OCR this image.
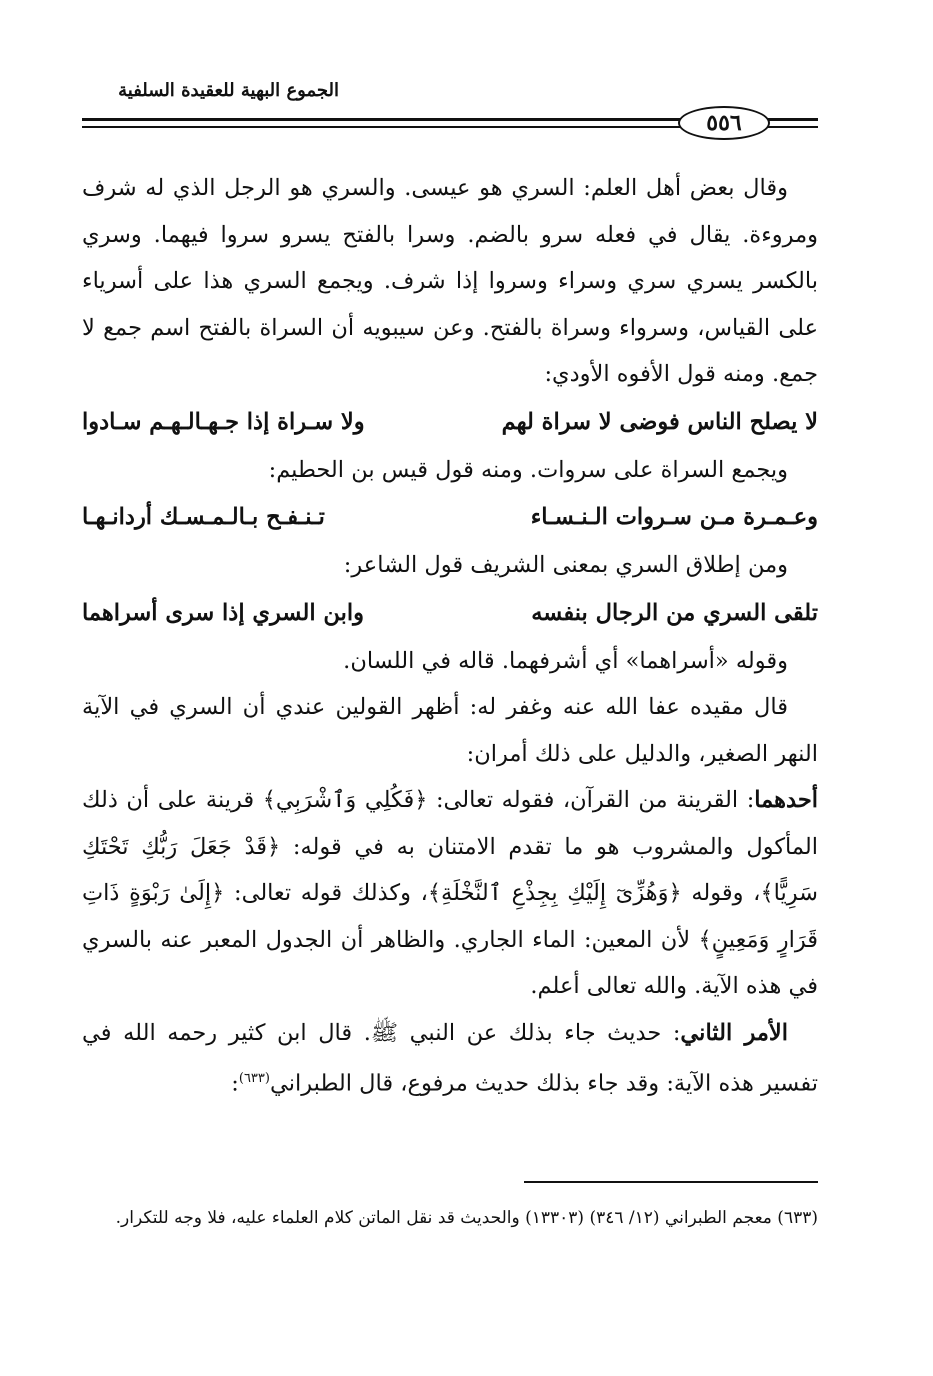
الجموع البهية للعقيدة السلفية
٥٥٦

وقال بعض أهل العلم: السري هو عيسى. والسري هو الرجل الذي له شرف ومروءة. يقال في فعله سرو بالضم. وسرا بالفتح يسرو سروا فيهما. وسري بالكسر يسري سري وسراء وسروا إذا شرف. ويجمع السري هذا على أسرياء على القياس، وسرواء وسراة بالفتح. وعن سيبويه أن السراة بالفتح اسم جمع لا جمع. ومنه قول الأفوه الأودي:

لا يصلح الناس فوضى لا سراة لهم
ولا سـراة إذا جـهـالـهـم سـادوا

ويجمع السراة على سروات. ومنه قول قيس بن الحطيم:

وعـمـرة مـن سـروات الـنـسـاء
تـنـفـح بـالـمـسـك أردانـهـا

ومن إطلاق السري بمعنى الشريف قول الشاعر:

تلقى السري من الرجال بنفسه
وابن السري إذا سرى أسراهما

وقوله «أسراهما» أي أشرفهما. قاله في اللسان.

قال مقيده عفا الله عنه وغفر له: أظهر القولين عندي أن السري في الآية النهر الصغير، والدليل على ذلك أمران:

أحدهما: القرينة من القرآن، فقوله تعالى: ﴿فَكُلِي وَٱشْرَبِي﴾ قرينة على أن ذلك المأكول والمشروب هو ما تقدم الامتنان به في قوله: ﴿قَدْ جَعَلَ رَبُّكِ تَحْتَكِ سَرِيًّا﴾، وقوله ﴿وَهُزِّىٓ إِلَيْكِ بِجِذْعِ ٱلنَّخْلَةِ﴾، وكذلك قوله تعالى: ﴿إِلَىٰ رَبْوَةٍ ذَاتِ قَرَارٍ وَمَعِينٍ﴾ لأن المعين: الماء الجاري. والظاهر أن الجدول المعبر عنه بالسري في هذه الآية. والله تعالى أعلم.

الأمر الثاني: حديث جاء بذلك عن النبي ﷺ. قال ابن كثير رحمه الله في تفسير هذه الآية: وقد جاء بذلك حديث مرفوع، قال الطبراني$^{(٦٣٣)}$:

(٦٣٣) معجم الطبراني (١٢/ ٣٤٦) (١٣٣٠٣) والحديث قد نقل الماتن كلام العلماء عليه، فلا وجه للتكرار.
